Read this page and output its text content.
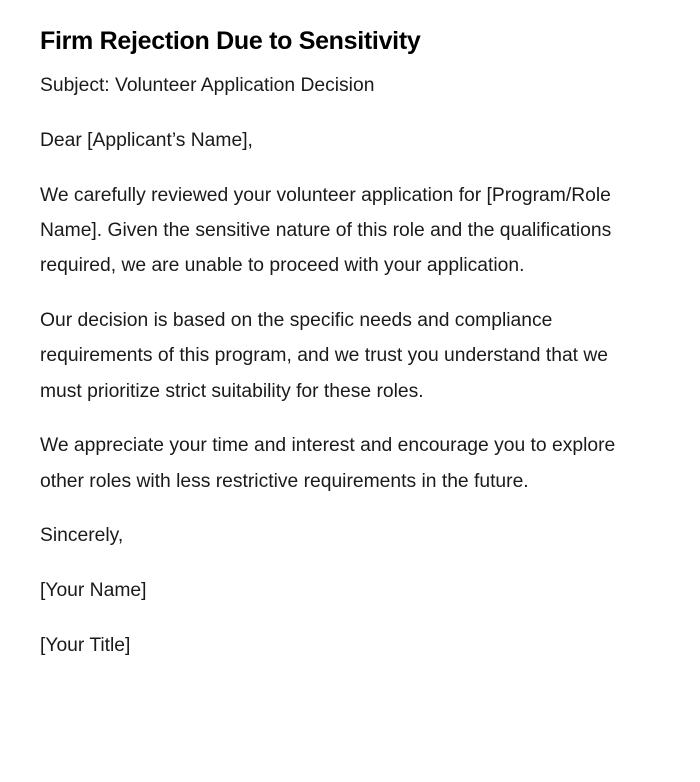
Firm Rejection Due to Sensitivity

Subject: Volunteer Application Decision

Dear [Applicant’s Name],

We carefully reviewed your volunteer application for [Program/Role Name]. Given the sensitive nature of this role and the qualifications required, we are unable to proceed with your application.

Our decision is based on the specific needs and compliance requirements of this program, and we trust you understand that we must prioritize strict suitability for these roles.

We appreciate your time and interest and encourage you to explore other roles with less restrictive requirements in the future.

Sincerely,

[Your Name]

[Your Title]
